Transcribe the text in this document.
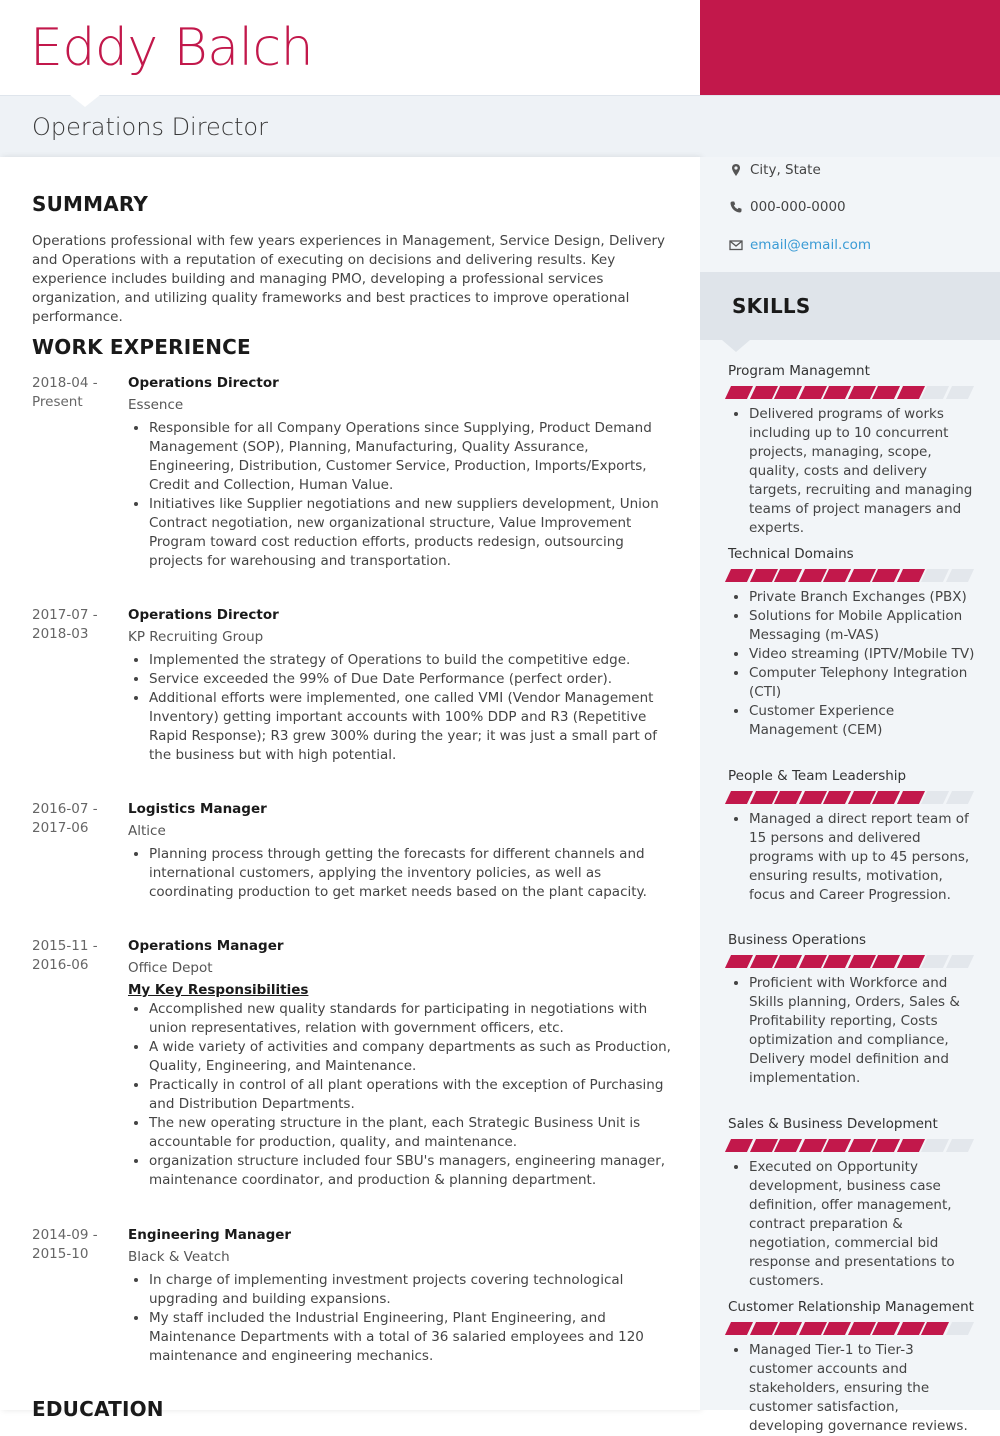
Eddy Balch
Operations Director
SUMMARY
Operations professional with few years experiences in Management, Service Design, Delivery and Operations with a reputation of executing on decisions and delivering results. Key experience includes building and managing PMO, developing a professional services organization, and utilizing quality frameworks and best practices to improve operational performance.
WORK EXPERIENCE
2018-04 - Present
Operations Director
Essence
• Responsible for all Company Operations since Supplying, Product Demand Management (SOP), Planning, Manufacturing, Quality Assurance, Engineering, Distribution, Customer Service, Production, Imports/Exports, Credit and Collection, Human Value.
• Initiatives like Supplier negotiations and new suppliers development, Union Contract negotiation, new organizational structure, Value Improvement Program toward cost reduction efforts, products redesign, outsourcing projects for warehousing and transportation.
2017-07 - 2018-03
Operations Director
KP Recruiting Group
• Implemented the strategy of Operations to build the competitive edge.
• Service exceeded the 99% of Due Date Performance (perfect order).
• Additional efforts were implemented, one called VMI (Vendor Management Inventory) getting important accounts with 100% DDP and R3 (Repetitive Rapid Response); R3 grew 300% during the year; it was just a small part of the business but with high potential.
2016-07 - 2017-06
Logistics Manager
Altice
• Planning process through getting the forecasts for different channels and international customers, applying the inventory policies, as well as coordinating production to get market needs based on the plant capacity.
2015-11 - 2016-06
Operations Manager
Office Depot
My Key Responsibilities
• Accomplished new quality standards for participating in negotiations with union representatives, relation with government officers, etc.
• A wide variety of activities and company departments as such as Production, Quality, Engineering, and Maintenance.
• Practically in control of all plant operations with the exception of Purchasing and Distribution Departments.
• The new operating structure in the plant, each Strategic Business Unit is accountable for production, quality, and maintenance.
• organization structure included four SBU's managers, engineering manager, maintenance coordinator, and production & planning department.
2014-09 - 2015-10
Engineering Manager
Black & Veatch
• In charge of implementing investment projects covering technological upgrading and building expansions.
• My staff included the Industrial Engineering, Plant Engineering, and Maintenance Departments with a total of 36 salaried employees and 120 maintenance and engineering mechanics.
EDUCATION
City, State
000-000-0000
email@email.com
SKILLS
Program Managemnt
• Delivered programs of works including up to 10 concurrent projects, managing, scope, quality, costs and delivery targets, recruiting and managing teams of project managers and experts.
Technical Domains
• Private Branch Exchanges (PBX)
• Solutions for Mobile Application Messaging (m-VAS)
• Video streaming (IPTV/Mobile TV)
• Computer Telephony Integration (CTI)
• Customer Experience Management (CEM)
People & Team Leadership
• Managed a direct report team of 15 persons and delivered programs with up to 45 persons, ensuring results, motivation, focus and Career Progression.
Business Operations
• Proficient with Workforce and Skills planning, Orders, Sales & Profitability reporting, Costs optimization and compliance, Delivery model definition and implementation.
Sales & Business Development
• Executed on Opportunity development, business case definition, offer management, contract preparation & negotiation, commercial bid response and presentations to customers.
Customer Relationship Management
• Managed Tier-1 to Tier-3 customer accounts and stakeholders, ensuring the customer satisfaction, developing governance reviews.
